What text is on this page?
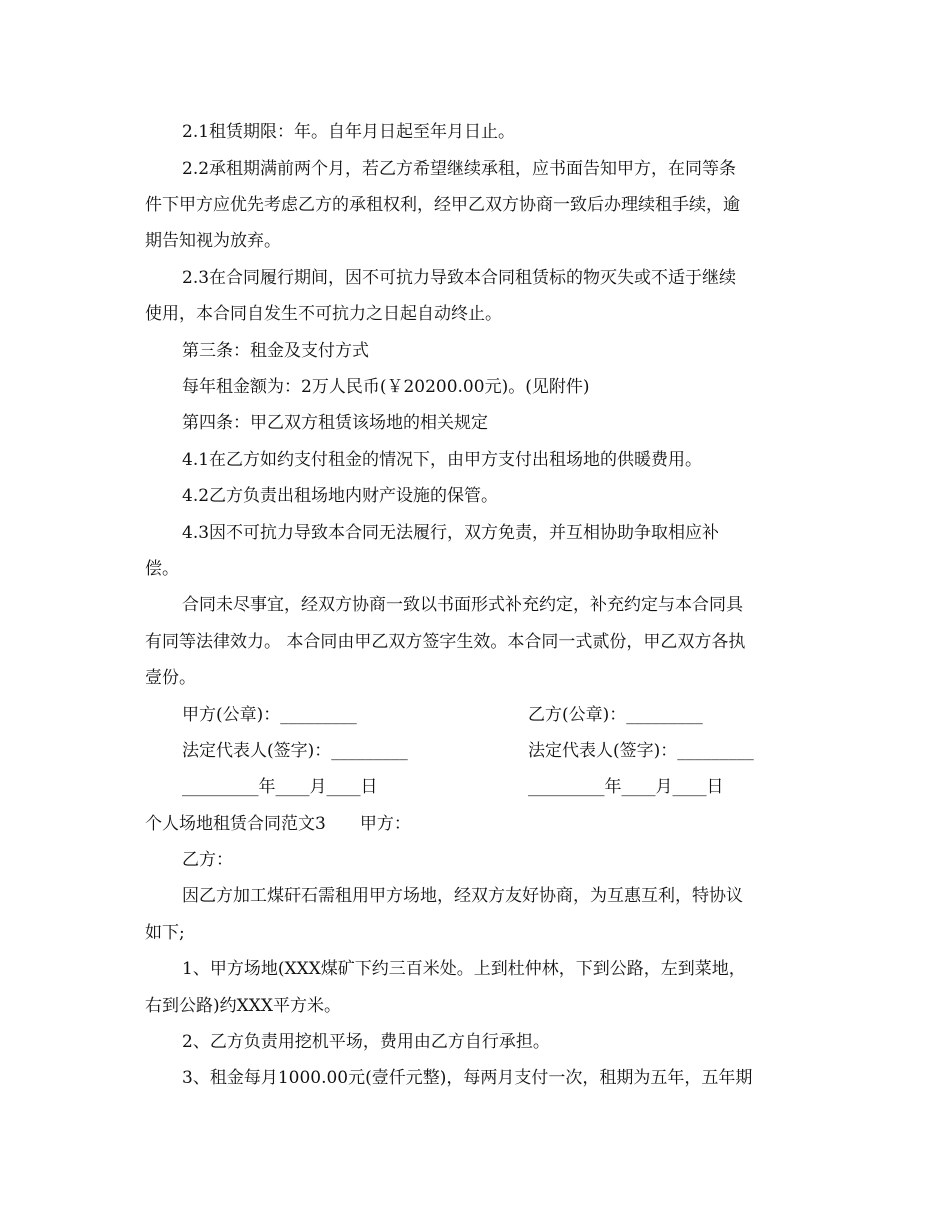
2.1租赁期限：年。自年月日起至年月日止。
2.2承租期满前两个月，若乙方希望继续承租，应书面告知甲方，在同等条
件下甲方应优先考虑乙方的承租权利，经甲乙双方协商一致后办理续租手续，逾
期告知视为放弃。
2.3在合同履行期间，因不可抗力导致本合同租赁标的物灭失或不适于继续
使用，本合同自发生不可抗力之日起自动终止。
第三条：租金及支付方式
每年租金额为：2万人民币(￥20200.00元)。(见附件)
第四条：甲乙双方租赁该场地的相关规定
4.1在乙方如约支付租金的情况下，由甲方支付出租场地的供暖费用。
4.2乙方负责出租场地内财产设施的保管。
4.3因不可抗力导致本合同无法履行，双方免责，并互相协助争取相应补
偿。
合同未尽事宜，经双方协商一致以书面形式补充约定，补充约定与本合同具
有同等法律效力。 本合同由甲乙双方签字生效。本合同一式贰份，甲乙双方各执
壹份。
甲方(公章)：_________	乙方(公章)：_________
法定代表人(签字)：_________	法定代表人(签字)：_________
_________年____月____日	_________年____月____日
个人场地租赁合同范文3　　甲方：
乙方：
因乙方加工煤矸石需租用甲方场地，经双方友好协商，为互惠互利，特协议
如下;
1、甲方场地(XXX煤矿下约三百米处。上到杜仲林，下到公路，左到菜地，
右到公路)约XXX平方米。
2、乙方负责用挖机平场，费用由乙方自行承担。
3、租金每月1000.00元(壹仟元整)，每两月支付一次，租期为五年，五年期
